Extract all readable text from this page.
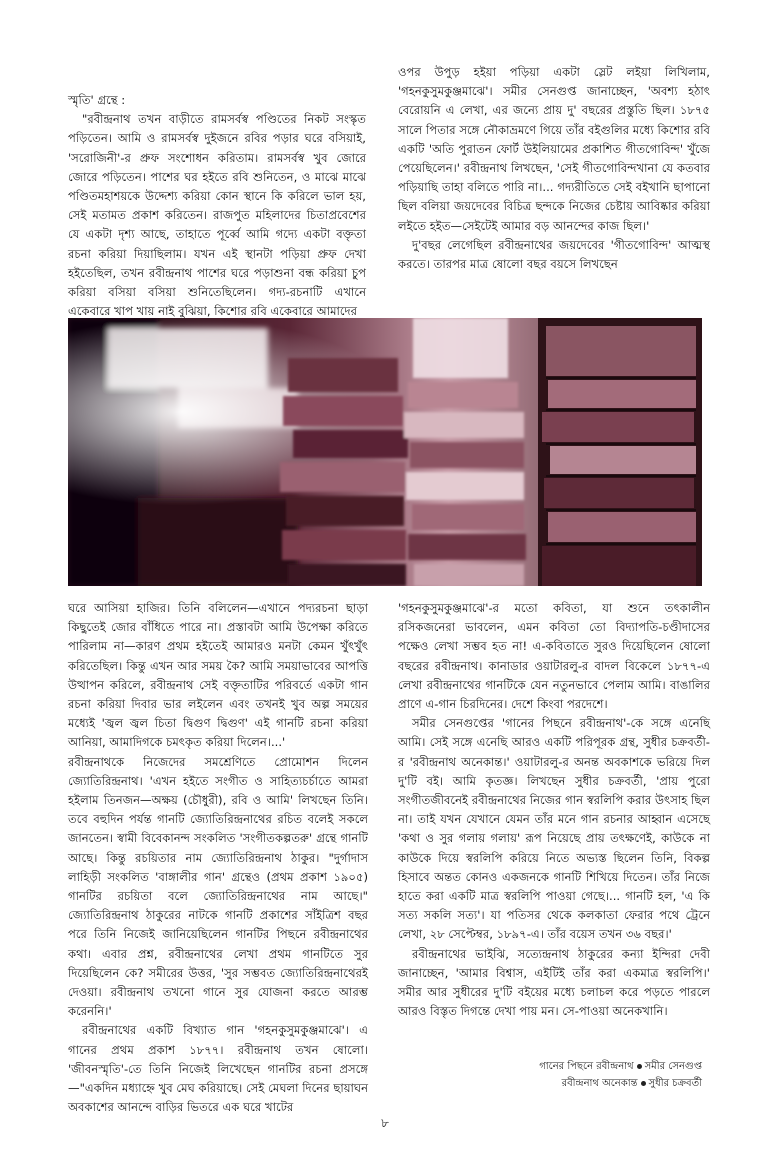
স্মৃতি' গ্রন্থে :

"রবীন্দ্রনাথ তখন বাড়ীতে রামসর্বস্ব পণ্ডিতের নিকট সংস্কৃত পড়িতেন। আমি ও রামসর্বস্ব দুইজনে রবির পড়ার ঘরে বসিয়াই, 'সরোজিনী'-র প্রুফ সংশোধন করিতাম। রামসর্বস্ব খুব জোরে জোরে পড়িতেন। পাশের ঘর হইতে রবি শুনিতেন, ও মাঝে মাঝে পণ্ডিতমহাশয়কে উদ্দেশ্য করিয়া কোন স্থানে কি করিলে ভাল হয়, সেই মতামত প্রকাশ করিতেন। রাজপুত মহিলাদের চিতাপ্রবেশের যে একটা দৃশ্য আছে, তাহাতে পূর্ব্বে আমি গদ্যে একটা বক্তৃতা রচনা করিয়া দিয়াছিলাম। যখন এই স্থানটা পড়িয়া প্রুফ দেখা হইতেছিল, তখন রবীন্দ্রনাথ পাশের ঘরে পড়াশুনা বন্ধ করিয়া চুপ করিয়া বসিয়া বসিয়া শুনিতেছিলেন। গদ্য-রচনাটি এখানে একেবারে খাপ খায় নাই বুঝিয়া, কিশোর রবি একেবারে আমাদের

ওপর উপুড় হইয়া পড়িয়া একটা স্লেট লইয়া লিখিলাম, 'গহনকুসুমকুঞ্জমাঝে'। সমীর সেনগুপ্ত জানাচ্ছেন, 'অবশ্য হঠাৎ বেরোয়নি এ লেখা, এর জন্যে প্রায় দু' বছরের প্রস্তুতি ছিল। ১৮৭৫ সালে পিতার সঙ্গে নৌকাভ্রমণে গিয়ে তাঁর বইগুলির মধ্যে কিশোর রবি একটি 'অতি পুরাতন ফোর্ট উইলিয়ামের প্রকাশিত গীতগোবিন্দ' খুঁজে পেয়েছিলেন।' রবীন্দ্রনাথ লিখছেন, 'সেই গীতগোবিন্দখানা যে কতবার পড়িয়াছি তাহা বলিতে পারি না।... গদ্যরীতিতে সেই বইখানি ছাপানো ছিল বলিয়া জয়দেবের বিচিত্র ছন্দকে নিজের চেষ্টায় আবিষ্কার করিয়া লইতে হইত—সেইটেই আমার বড় আনন্দের কাজ ছিল।'

দু'বছর লেগেছিল রবীন্দ্রনাথের জয়দেবের 'গীতগোবিন্দ' আত্মস্থ করতে। তারপর মাত্র ষোলো বছর বয়সে লিখছেন

ঘরে আসিয়া হাজির। তিনি বলিলেন—এখানে পদ্যরচনা ছাড়া কিছুতেই জোর বাঁধিতে পারে না। প্রস্তাবটা আমি উপেক্ষা করিতে পারিলাম না—কারণ প্রথম হইতেই আমারও মনটা কেমন খুঁৎখুঁৎ করিতেছিল। কিন্তু এখন আর সময় কৈ? আমি সময়াভাবের আপত্তি উত্থাপন করিলে, রবীন্দ্রনাথ সেই বক্তৃতাটির পরিবর্তে একটা গান রচনা করিয়া দিবার ভার লইলেন এবং তখনই খুব অল্প সময়ের মধ্যেই 'জ্বল জ্বল চিতা দ্বিগুণ দ্বিগুণ' এই গানটি রচনা করিয়া আনিয়া, আমাদিগকে চমৎকৃত করিয়া দিলেন।...'

রবীন্দ্রনাথকে নিজেদের সমশ্রেণিতে প্রোমোশন দিলেন জ্যোতিরিন্দ্রনাথ। 'এখন হইতে সংগীত ও সাহিত্যচর্চাতে আমরা হইলাম তিনজন—অক্ষয় (চৌধুরী), রবি ও আমি' লিখছেন তিনি। তবে বহুদিন পর্যন্ত গানটি জ্যোতিরিন্দ্রনাথের রচিত বলেই সকলে জানতেন। স্বামী বিবেকানন্দ সংকলিত 'সংগীতকল্পতরু' গ্রন্থে গানটি আছে। কিন্তু রচয়িতার নাম জ্যোতিরিন্দ্রনাথ ঠাকুর। "দুর্গাদাস লাহিড়ী সংকলিত 'বাঙ্গালীর গান' গ্রন্থেও (প্রথম প্রকাশ ১৯০৫) গানটির রচয়িতা বলে জ্যোতিরিন্দ্রনাথের নাম আছে।" জ্যোতিরিন্দ্রনাথ ঠাকুরের নাটকে গানটি প্রকাশের সাঁইত্রিশ বছর পরে তিনি নিজেই জানিয়েছিলেন গানটির পিছনে রবীন্দ্রনাথের কথা। এবার প্রশ্ন, রবীন্দ্রনাথের লেখা প্রথম গানটিতে সুর দিয়েছিলেন কে? সমীরের উত্তর, 'সুর সম্ভবত জ্যোতিরিন্দ্রনাথেরই দেওয়া। রবীন্দ্রনাথ তখনো গানে সুর যোজনা করতে আরম্ভ করেননি।'

রবীন্দ্রনাথের একটি বিখ্যাত গান 'গহনকুসুমকুঞ্জমাঝে'। এ গানের প্রথম প্রকাশ ১৮৭৭। রবীন্দ্রনাথ তখন ষোলো। 'জীবনস্মৃতি'-তে তিনি নিজেই লিখেছেন গানটির রচনা প্রসঙ্গে—"একদিন মধ্যাহ্নে খুব মেঘ করিয়াছে। সেই মেঘলা দিনের ছায়াঘন অবকাশের আনন্দে বাড়ির ভিতরে এক ঘরে খাটের

'গহনকুসুমকুঞ্জমাঝে'-র মতো কবিতা, যা শুনে তৎকালীন রসিকজনেরা ভাবলেন, এমন কবিতা তো বিদ্যাপতি-চণ্ডীদাসের পক্ষেও লেখা সম্ভব হত না! এ-কবিতাতে সুরও দিয়েছিলেন ষোলো বছরের রবীন্দ্রনাথ। কানাডার ওয়াটারলু-র বাদল বিকেলে ১৮৭৭-এ লেখা রবীন্দ্রনাথের গানটিকে যেন নতুনভাবে পেলাম আমি। বাঙালির প্রাণে এ-গান চিরদিনের। দেশে কিংবা পরদেশে।

সমীর সেনগুপ্তের 'গানের পিছনে রবীন্দ্রনাথ'-কে সঙ্গে এনেছি আমি। সেই সঙ্গে এনেছি আরও একটি পরিপূরক গ্রন্থ, সুধীর চক্রবর্তী-র 'রবীন্দ্রনাথ অনেকান্ত।' ওয়াটারলু-র অনন্ত অবকাশকে ভরিয়ে দিল দু'টি বই। আমি কৃতজ্ঞ। লিখছেন সুধীর চক্রবর্তী, 'প্রায় পুরো সংগীতজীবনেই রবীন্দ্রনাথের নিজের গান স্বরলিপি করার উৎসাহ ছিল না। তাই যখন যেখানে যেমন তাঁর মনে গান রচনার আহ্বান এসেছে 'কথা ও সুর গলায় গলায়' রূপ নিয়েছে প্রায় তৎক্ষণেই, কাউকে না কাউকে দিয়ে স্বরলিপি করিয়ে নিতে অভ্যস্ত ছিলেন তিনি, বিকল্প হিসাবে অন্তত কোনও একজনকে গানটি শিখিয়ে দিতেন। তাঁর নিজে হাতে করা একটি মাত্র স্বরলিপি পাওয়া গেছে।... গানটি হল, 'এ কি সত্য সকলি সত্য'। যা পতিসর থেকে কলকাতা ফেরার পথে ট্রেনে লেখা, ২৮ সেপ্টেম্বর, ১৮৯৭-এ। তাঁর বয়েস তখন ৩৬ বছর।'

রবীন্দ্রনাথের ভাইঝি, সত্যেন্দ্রনাথ ঠাকুরের কন্যা ইন্দিরা দেবী জানাচ্ছেন, 'আমার বিশ্বাস, এইটিই তাঁর করা একমাত্র স্বরলিপি।' সমীর আর সুধীরের দু'টি বইয়ের মধ্যে চলাচল করে পড়তে পারলে আরও বিস্তৃত দিগন্তে দেখা পায় মন। সে-পাওয়া অনেকখানি।

গানের পিছনে রবীন্দ্রনাথ সমীর সেনগুপ্ত
রবীন্দ্রনাথ অনেকান্ত সুধীর চক্রবর্তী
৮
